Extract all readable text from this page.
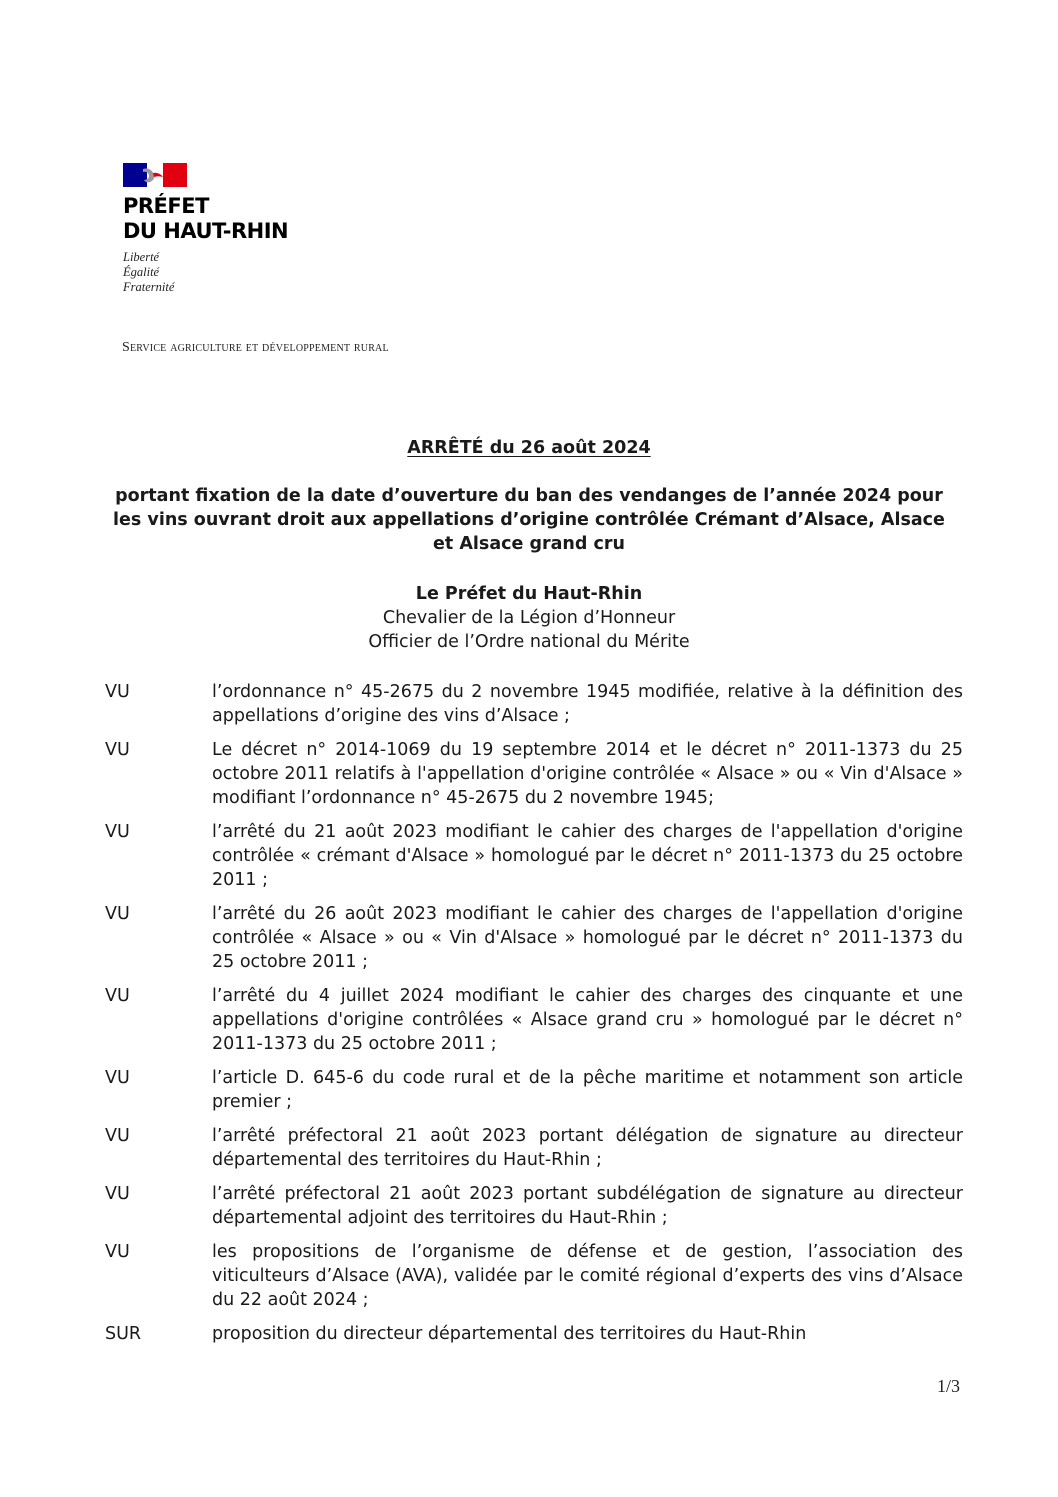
PRÉFET
DU HAUT-RHIN
Liberté
Égalité
Fraternité
Service agriculture et développement rural
ARRÊTÉ du 26 août 2024
portant fixation de la date d’ouverture du ban des vendanges de l’année 2024 pour les vins ouvrant droit aux appellations d’origine contrôlée Crémant d’Alsace, Alsace et Alsace grand cru
Le Préfet du Haut-Rhin
Chevalier de la Légion d’Honneur
Officier de l’Ordre national du Mérite
VU	l’ordonnance n° 45-2675 du 2 novembre 1945 modifiée, relative à la définition des appellations d’origine des vins d’Alsace ;
VU	Le décret n° 2014-1069 du 19 septembre 2014 et le décret n° 2011-1373 du 25 octobre 2011 relatifs à l'appellation d'origine contrôlée « Alsace » ou « Vin d'Alsace » modifiant l’ordonnance n° 45-2675 du 2 novembre 1945;
VU	l’arrêté du 21 août 2023 modifiant le cahier des charges de l'appellation d'origine contrôlée « crémant d'Alsace » homologué par le décret n° 2011-1373 du 25 octobre 2011 ;
VU	l’arrêté du 26 août 2023 modifiant le cahier des charges de l'appellation d'origine contrôlée « Alsace » ou « Vin d'Alsace » homologué par le décret n° 2011-1373 du 25 octobre 2011 ;
VU	l’arrêté du 4 juillet 2024 modifiant le cahier des charges des cinquante et une appellations d'origine contrôlées « Alsace grand cru » homologué par le décret n° 2011-1373 du 25 octobre 2011 ;
VU	l’article D. 645-6 du code rural et de la pêche maritime et notamment son article premier ;
VU	l’arrêté préfectoral 21 août 2023 portant délégation de signature au directeur départemental des territoires du Haut-Rhin ;
VU	l’arrêté préfectoral 21 août 2023 portant subdélégation de signature au directeur départemental adjoint des territoires du Haut-Rhin ;
VU	les propositions de l’organisme de défense et de gestion, l’association des viticulteurs d’Alsace (AVA), validée par le comité régional d’experts des vins d’Alsace du 22 août 2024 ;
SUR	proposition du directeur départemental des territoires du Haut-Rhin
1/3
